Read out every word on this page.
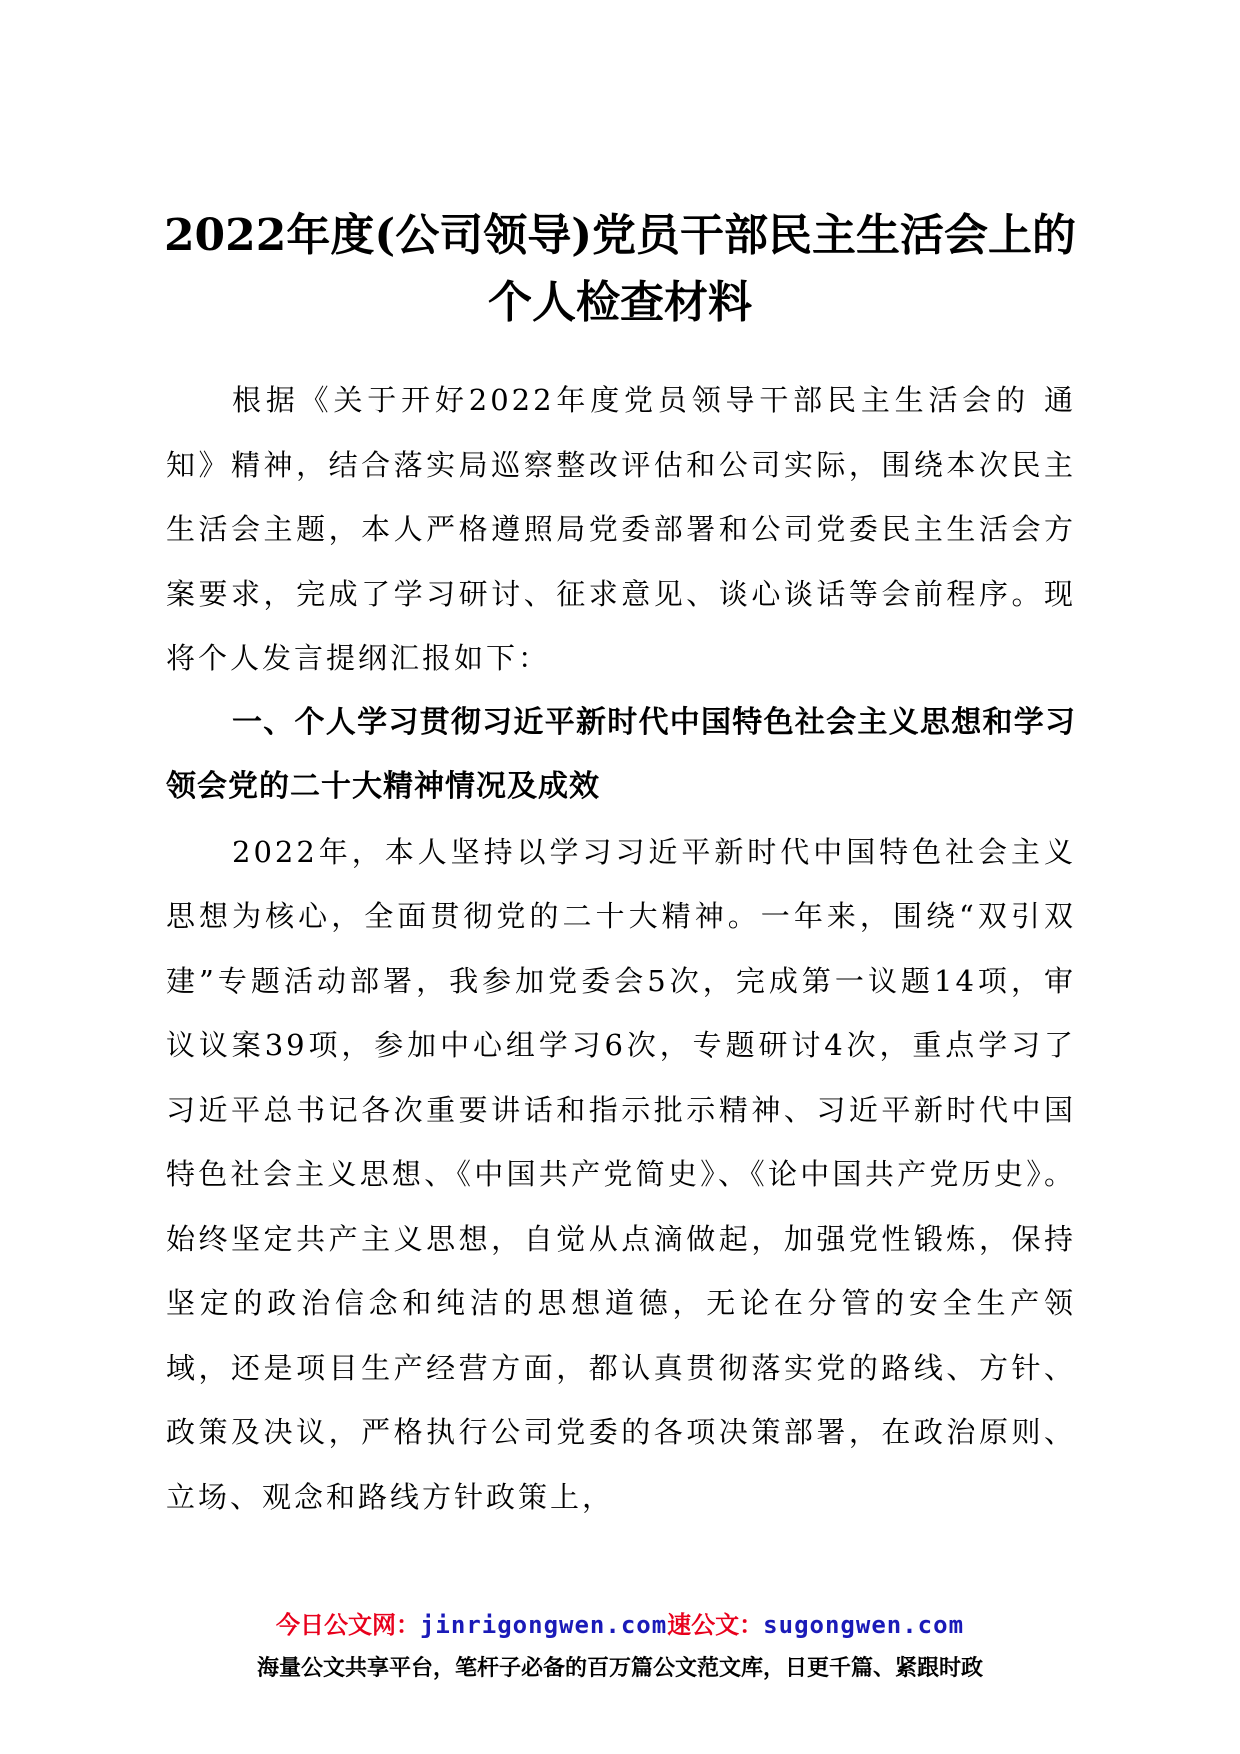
2022年度(公司领导)党员干部民主生活会上的
个人检查材料

根据《关于开好2022年度党员领导干部民主生活会的 通知》精神，结合落实局巡察整改评估和公司实际，围绕本次民主生活会主题，本人严格遵照局党委部署和公司党委民主生活会方案要求，完成了学习研讨、征求意见、谈心谈话等会前程序。现将个人发言提纲汇报如下：

一、个人学习贯彻习近平新时代中国特色社会主义思想和学习领会党的二十大精神情况及成效

2022年，本人坚持以学习习近平新时代中国特色社会主义思想为核心，全面贯彻党的二十大精神。一年来，围绕“双引双建”专题活动部署，我参加党委会5次，完成第一议题14项，审议议案39项，参加中心组学习6次，专题研讨4次，重点学习了习近平总书记各次重要讲话和指示批示精神、习近平新时代中国特色社会主义思想、《中国共产党简史》、《论中国共产党历史》。始终坚定共产主义思想，自觉从点滴做起，加强党性锻炼，保持坚定的政治信念和纯洁的思想道德，无论在分管的安全生产领域，还是项目生产经营方面，都认真贯彻落实党的路线、方针、政策及决议，严格执行公司党委的各项决策部署，在政治原则、立场、观念和路线方针政策上，

今日公文网：jinrigongwen.com速公文：sugongwen.com
海量公文共享平台，笔杆子必备的百万篇公文范文库，日更千篇、紧跟时政
